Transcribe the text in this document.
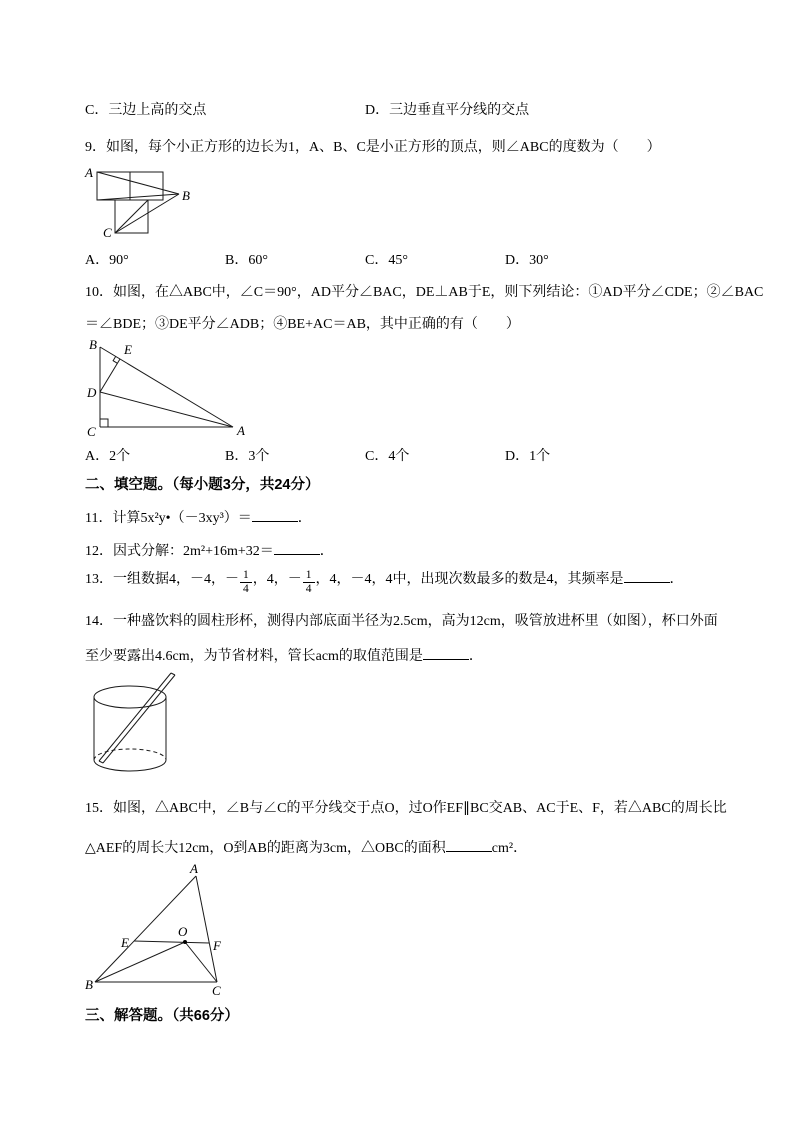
C．三边上高的交点	D．三边垂直平分线的交点
9．如图，每个小正方形的边长为1，A、B、C是小正方形的顶点，则∠ABC的度数为（　　）
A
B
C
A．90°	B．60°	C．45°	D．30°
10．如图，在△ABC中，∠C＝90°，AD平分∠BAC，DE⊥AB于E，则下列结论：①AD平分∠CDE；②∠BAC
＝∠BDE；③DE平分∠ADB；④BE+AC＝AB，其中正确的有（　　）
B E
D
C	A
A．2个	B．3个	C．4个	D．1个
二、填空题。（每小题3分，共24分）
11．计算5x²y•（－3xy³）＝	．
12．因式分解：2m²+16m+32＝	．
13．一组数据4，－4，－ $\frac{1}{4}$ ，4，－ $\frac{1}{4}$ ，4，－4，4中，出现次数最多的数是4，其频率是	．
14．一种盛饮料的圆柱形杯，测得内部底面半径为2.5cm，高为12cm，吸管放进杯里（如图），杯口外面
至少要露出4.6cm，为节省材料，管长acm的取值范围是	．
15．如图，△ABC中，∠B与∠C的平分线交于点O，过O作EF∥BC交AB、AC于E、F，若△ABC的周长比
△AEF的周长大12cm，O到AB的距离为3cm，△OBC的面积	cm²．
A
B	C
E
O
F
三、解答题。（共66分）
